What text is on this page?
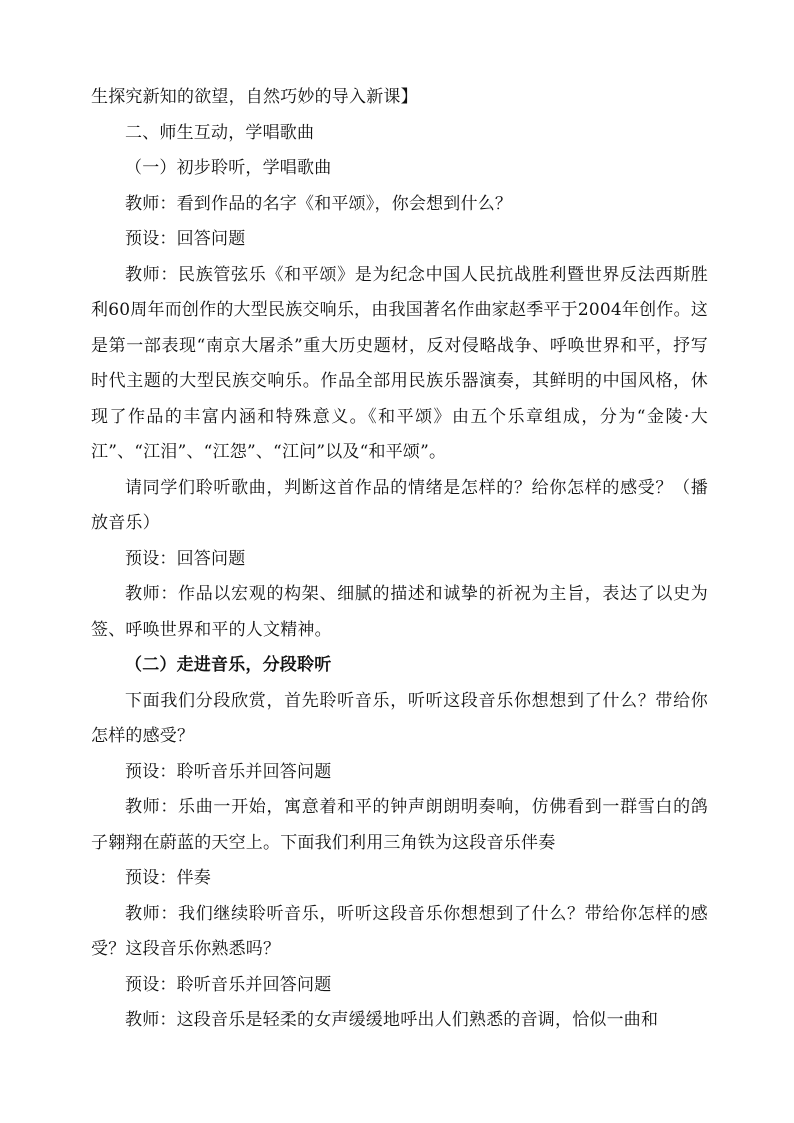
生探究新知的欲望，自然巧妙的导入新课】

二、师生互动，学唱歌曲

（一）初步聆听，学唱歌曲

教师：看到作品的名字《和平颂》，你会想到什么？

预设：回答问题

教师：民族管弦乐《和平颂》是为纪念中国人民抗战胜利暨世界反法西斯胜利60周年而创作的大型民族交响乐，由我国著名作曲家赵季平于2004年创作。这是第一部表现“南京大屠杀”重大历史题材，反对侵略战争、呼唤世界和平，抒写时代主题的大型民族交响乐。作品全部用民族乐器演奏，其鲜明的中国风格，休现了作品的丰富内涵和特殊意义。《和平颂》由五个乐章组成，分为“金陵·大江”、“江泪”、“江怨”、“江问”以及“和平颂”。

请同学们聆听歌曲，判断这首作品的情绪是怎样的？给你怎样的感受？（播放音乐）

预设：回答问题

教师：作品以宏观的构架、细腻的描述和诚挚的祈祝为主旨，表达了以史为签、呼唤世界和平的人文精神。

（二）走进音乐，分段聆听

下面我们分段欣赏，首先聆听音乐，听听这段音乐你想想到了什么？带给你怎样的感受？

预设：聆听音乐并回答问题

教师：乐曲一开始，寓意着和平的钟声朗朗明奏响，仿佛看到一群雪白的鸽子翱翔在蔚蓝的天空上。下面我们利用三角铁为这段音乐伴奏

预设：伴奏

教师：我们继续聆听音乐，听听这段音乐你想想到了什么？带给你怎样的感受？这段音乐你熟悉吗？

预设：聆听音乐并回答问题

教师：这段音乐是轻柔的女声缓缓地呼出人们熟悉的音调，恰似一曲和
